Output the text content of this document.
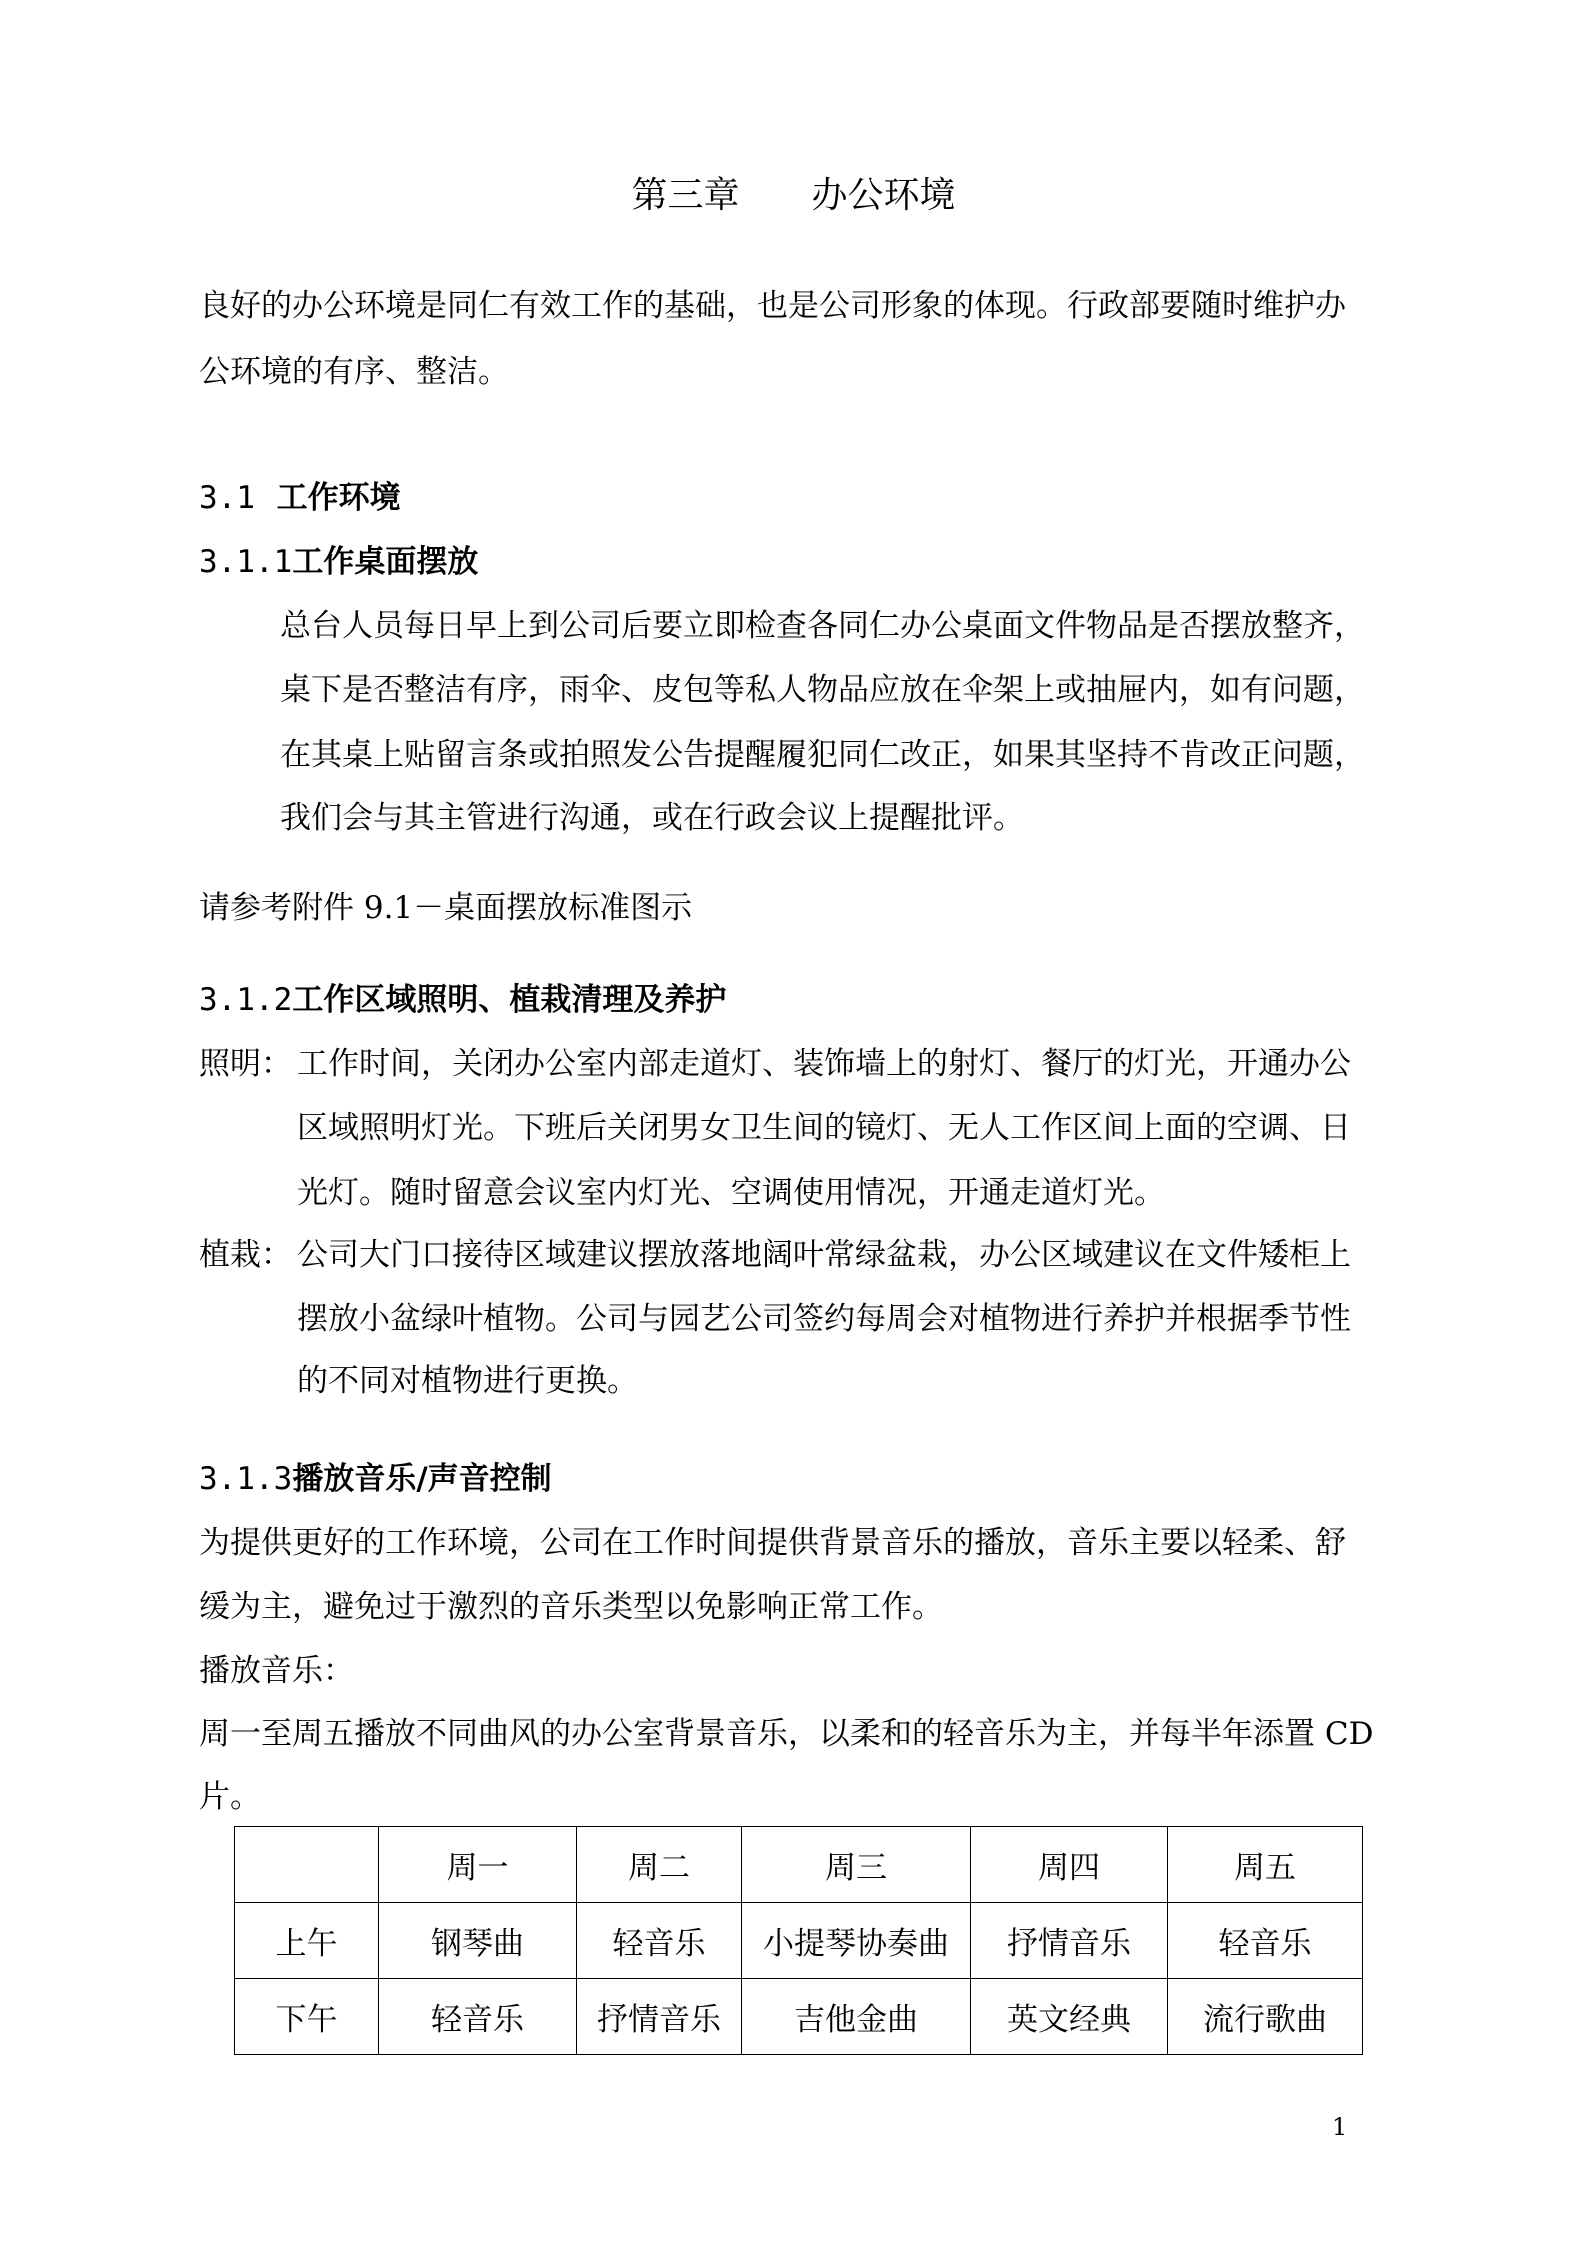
第三章　　办公环境
良好的办公环境是同仁有效工作的基础，也是公司形象的体现。行政部要随时维护办
公环境的有序、整洁。
3.1 工作环境
3.1.1工作桌面摆放
总台人员每日早上到公司后要立即检查各同仁办公桌面文件物品是否摆放整齐，
桌下是否整洁有序，雨伞、皮包等私人物品应放在伞架上或抽屉内，如有问题，
在其桌上贴留言条或拍照发公告提醒履犯同仁改正，如果其坚持不肯改正问题，
我们会与其主管进行沟通，或在行政会议上提醒批评。
请参考附件 9.1－桌面摆放标准图示
3.1.2工作区域照明、植栽清理及养护
照明： 工作时间，关闭办公室内部走道灯、装饰墙上的射灯、餐厅的灯光，开通办公
区域照明灯光。下班后关闭男女卫生间的镜灯、无人工作区间上面的空调、日
光灯。随时留意会议室内灯光、空调使用情况，开通走道灯光。
植栽： 公司大门口接待区域建议摆放落地阔叶常绿盆栽，办公区域建议在文件矮柜上
摆放小盆绿叶植物。公司与园艺公司签约每周会对植物进行养护并根据季节性
的不同对植物进行更换。
3.1.3播放音乐/声音控制
为提供更好的工作环境，公司在工作时间提供背景音乐的播放，音乐主要以轻柔、舒
缓为主，避免过于激烈的音乐类型以免影响正常工作。
播放音乐：
周一至周五播放不同曲风的办公室背景音乐，以柔和的轻音乐为主，并每半年添置 CD
片。
	周一	周二	周三	周四	周五
上午	钢琴曲	轻音乐	小提琴协奏曲	抒情音乐	轻音乐
下午	轻音乐	抒情音乐	吉他金曲	英文经典	流行歌曲
1
